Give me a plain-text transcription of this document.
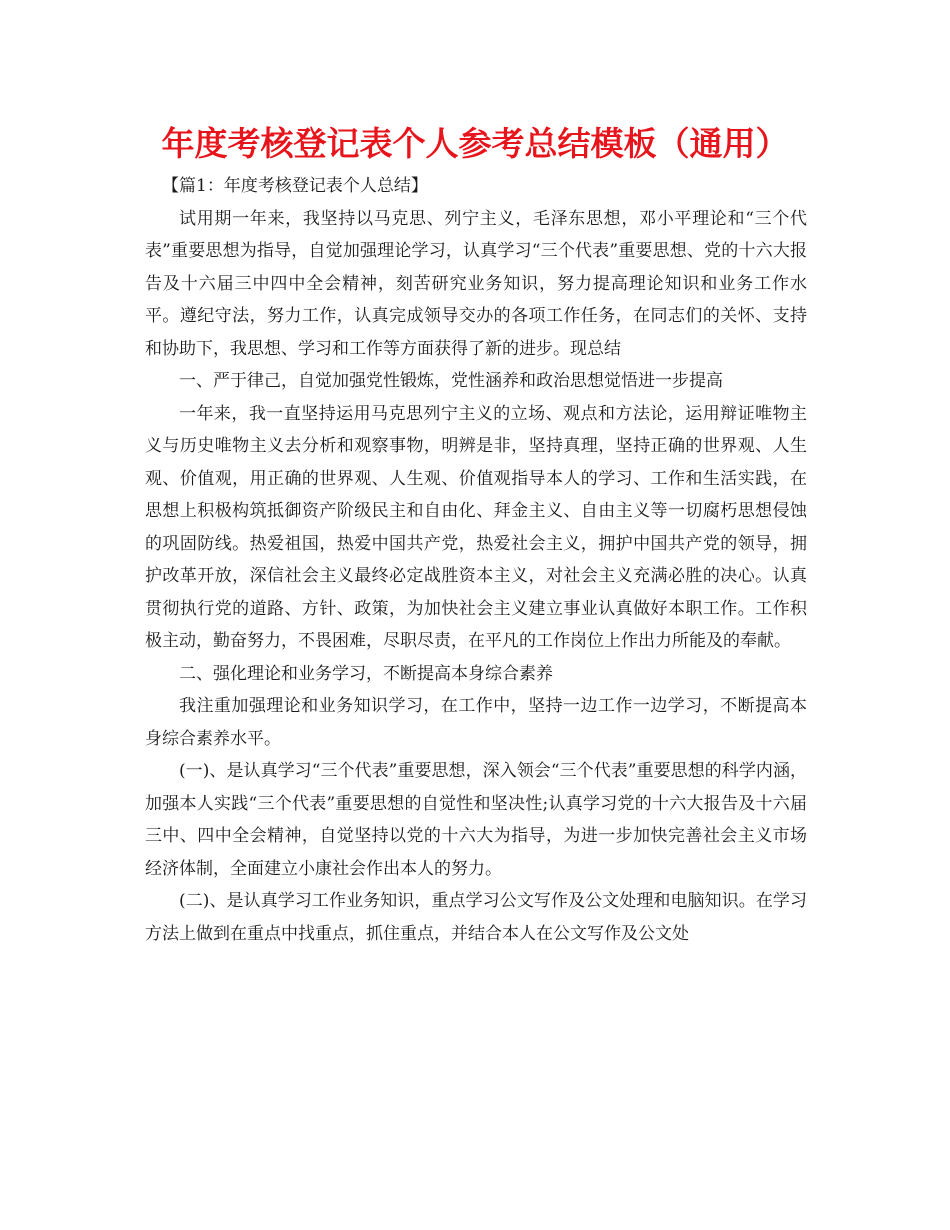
年度考核登记表个人参考总结模板（通用）

【篇1：年度考核登记表个人总结】

试用期一年来，我坚持以马克思、列宁主义，毛泽东思想，邓小平理论和“三个代表”重要思想为指导，自觉加强理论学习，认真学习“三个代表”重要思想、党的十六大报告及十六届三中四中全会精神，刻苦研究业务知识，努力提高理论知识和业务工作水平。遵纪守法，努力工作，认真完成领导交办的各项工作任务，在同志们的关怀、支持和协助下，我思想、学习和工作等方面获得了新的进步。现总结

一、严于律己，自觉加强党性锻炼，党性涵养和政治思想觉悟进一步提高

一年来，我一直坚持运用马克思列宁主义的立场、观点和方法论，运用辩证唯物主义与历史唯物主义去分析和观察事物，明辨是非，坚持真理，坚持正确的世界观、人生观、价值观，用正确的世界观、人生观、价值观指导本人的学习、工作和生活实践，在思想上积极构筑抵御资产阶级民主和自由化、拜金主义、自由主义等一切腐朽思想侵蚀的巩固防线。热爱祖国，热爱中国共产党，热爱社会主义，拥护中国共产党的领导，拥护改革开放，深信社会主义最终必定战胜资本主义，对社会主义充满必胜的决心。认真贯彻执行党的道路、方针、政策，为加快社会主义建立事业认真做好本职工作。工作积极主动，勤奋努力，不畏困难，尽职尽责，在平凡的工作岗位上作出力所能及的奉献。

二、强化理论和业务学习，不断提高本身综合素养

我注重加强理论和业务知识学习，在工作中，坚持一边工作一边学习，不断提高本身综合素养水平。

(一)、是认真学习“三个代表”重要思想，深入领会“三个代表”重要思想的科学内涵，加强本人实践“三个代表”重要思想的自觉性和坚决性;认真学习党的十六大报告及十六届三中、四中全会精神，自觉坚持以党的十六大为指导，为进一步加快完善社会主义市场经济体制，全面建立小康社会作出本人的努力。

(二)、是认真学习工作业务知识，重点学习公文写作及公文处理和电脑知识。在学习方法上做到在重点中找重点，抓住重点，并结合本人在公文写作及公文处
